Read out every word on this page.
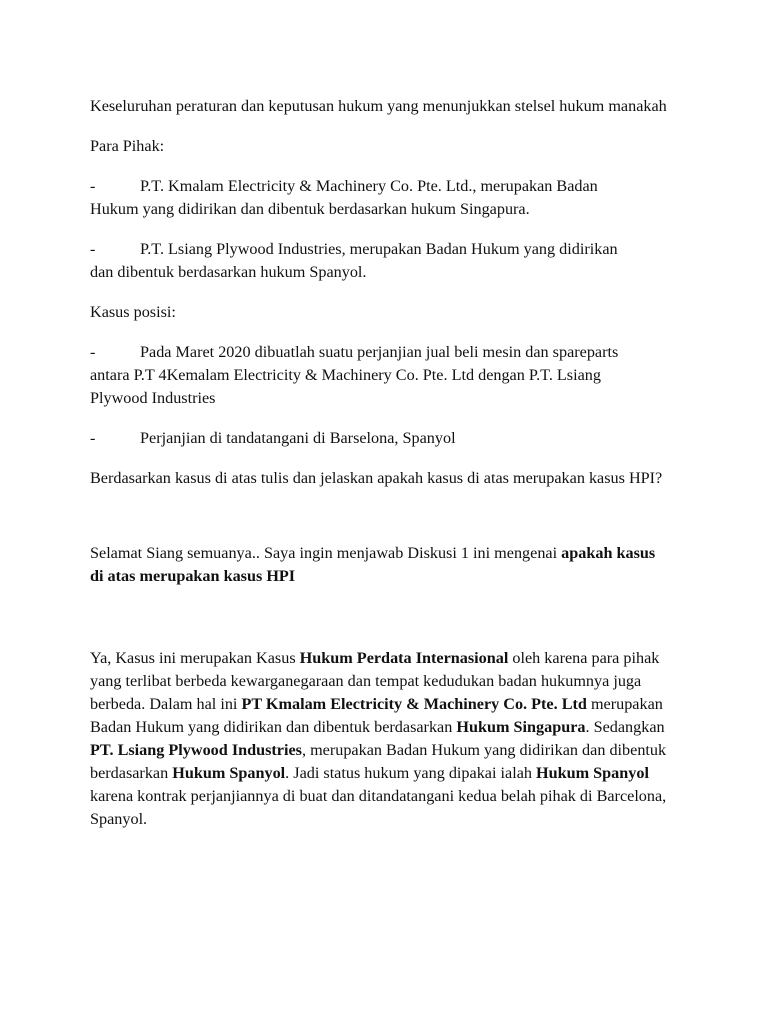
Keseluruhan peraturan dan keputusan hukum yang menunjukkan stelsel hukum manakah

Para Pihak:

-	P.T. Kmalam Electricity & Machinery Co. Pte. Ltd., merupakan Badan

Hukum yang didirikan dan dibentuk berdasarkan hukum Singapura.

-	P.T. Lsiang Plywood Industries, merupakan Badan Hukum yang didirikan

dan dibentuk berdasarkan hukum Spanyol.

Kasus posisi:

-	Pada Maret 2020 dibuatlah suatu perjanjian jual beli mesin dan spareparts

antara P.T 4Kemalam Electricity & Machinery Co. Pte. Ltd dengan P.T. Lsiang

Plywood Industries

-	Perjanjian di tandatangani di Barselona, Spanyol

Berdasarkan kasus di atas tulis dan jelaskan apakah kasus di atas merupakan kasus HPI?

Selamat Siang semuanya.. Saya ingin menjawab Diskusi 1 ini mengenai apakah kasus di atas merupakan kasus HPI

Ya, Kasus ini merupakan Kasus Hukum Perdata Internasional oleh karena para pihak yang terlibat berbeda kewarganegaraan dan tempat kedudukan badan hukumnya juga berbeda. Dalam hal ini PT Kmalam Electricity & Machinery Co. Pte. Ltd merupakan Badan Hukum yang didirikan dan dibentuk berdasarkan Hukum Singapura. Sedangkan PT. Lsiang Plywood Industries, merupakan Badan Hukum yang didirikan dan dibentuk berdasarkan Hukum Spanyol. Jadi status hukum yang dipakai ialah Hukum Spanyol karena kontrak perjanjiannya di buat dan ditandatangani kedua belah pihak di Barcelona, Spanyol.
